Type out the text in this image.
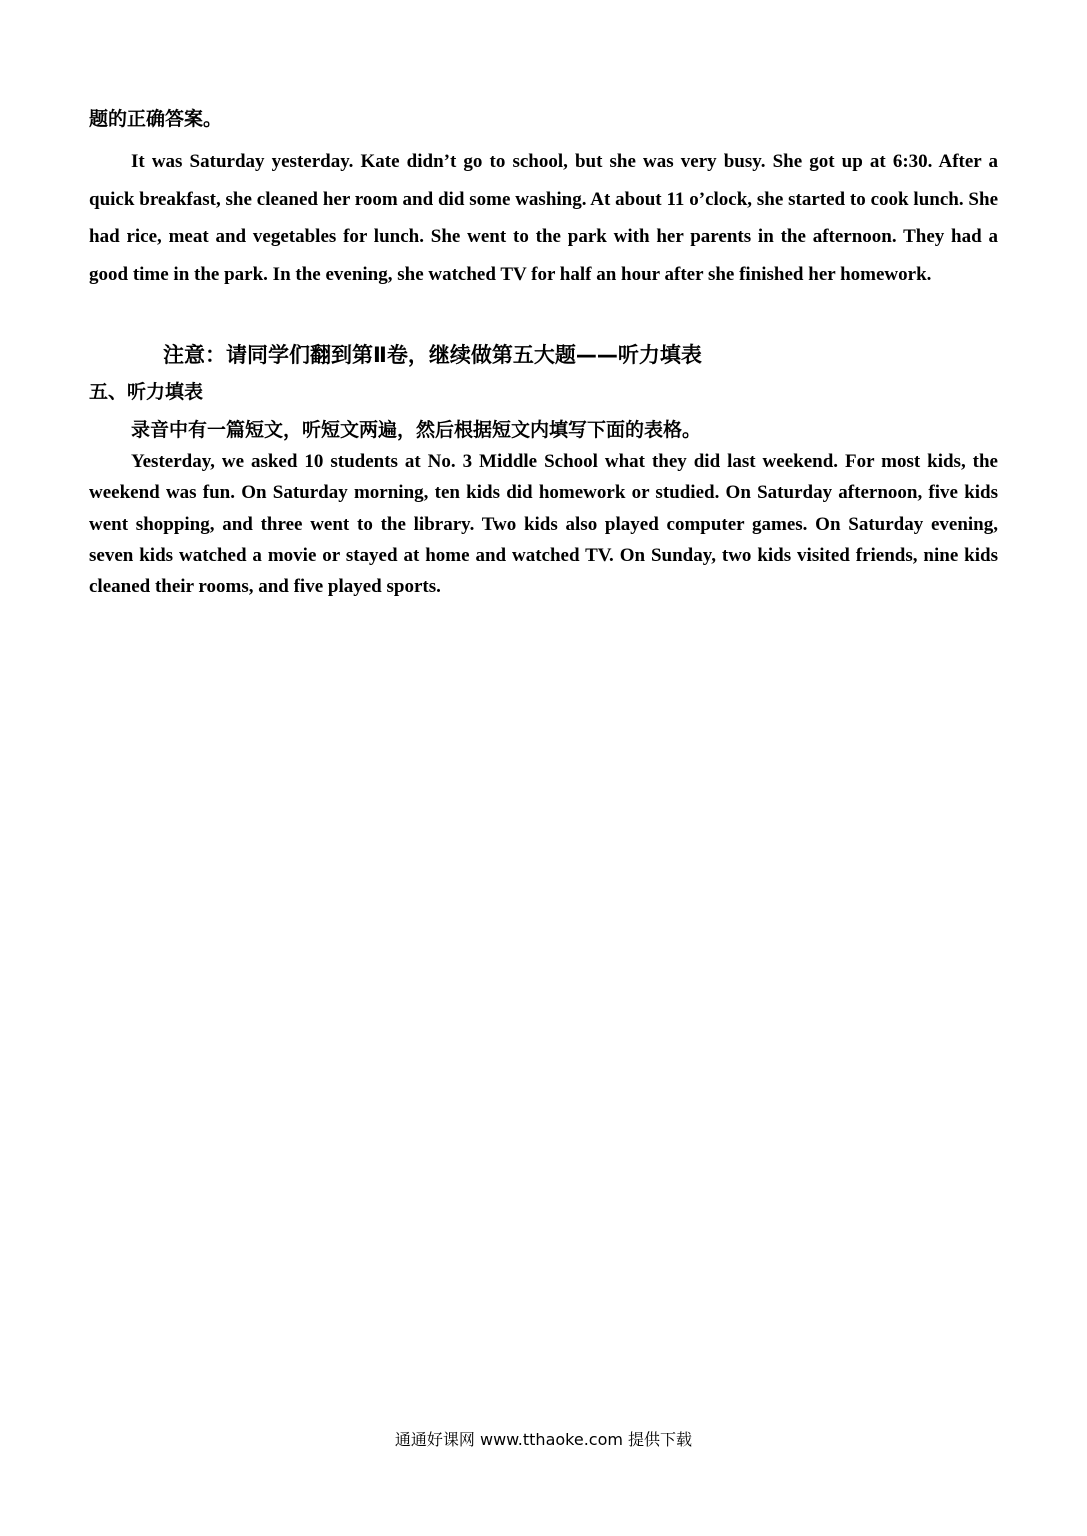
题的正确答案。
It was Saturday yesterday. Kate didn’t go to school, but she was very busy. She got up at 6:30. After a quick breakfast, she cleaned her room and did some washing. At about 11 o’clock, she started to cook lunch. She had rice, meat and vegetables for lunch. She went to the park with her parents in the afternoon. They had a good time in the park. In the evening, she watched TV for half an hour after she finished her homework.
注意：请同学们翻到第Ⅱ卷，继续做第五大题——听力填表
五、听力填表
录音中有一篇短文，听短文两遍，然后根据短文内填写下面的表格。
Yesterday, we asked 10 students at No. 3 Middle School what they did last weekend. For most kids, the weekend was fun. On Saturday morning, ten kids did homework or studied. On Saturday afternoon, five kids went shopping, and three went to the library. Two kids also played computer games. On Saturday evening, seven kids watched a movie or stayed at home and watched TV. On Sunday, two kids visited friends, nine kids cleaned their rooms, and five played sports.
通通好课网 www.tthaoke.com 提供下载
